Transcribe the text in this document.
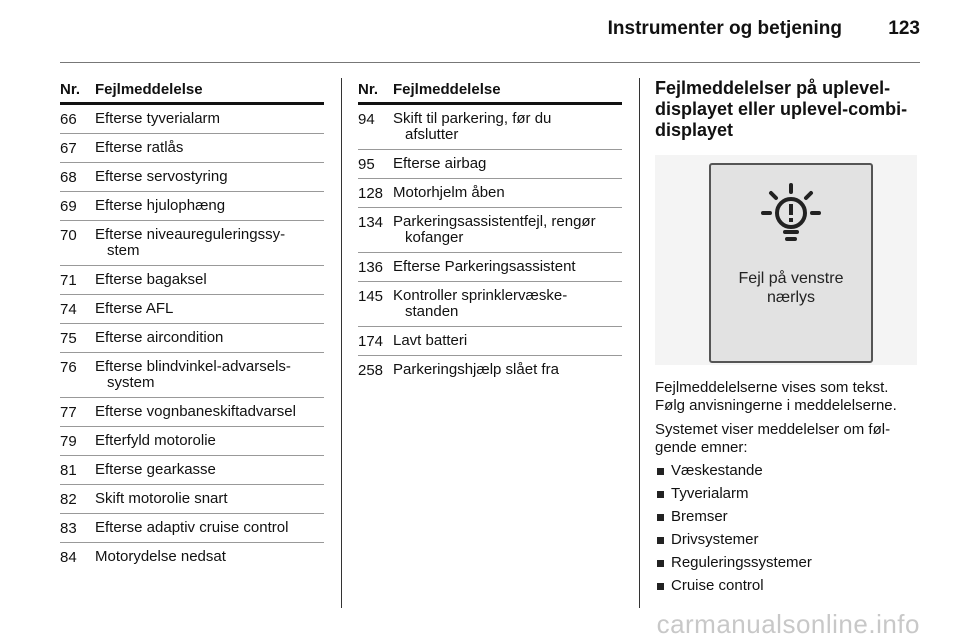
Instrumenter og betjening 123
Nr. Fejlmeddelelse
66 Efterse tyverialarm
67 Efterse ratlås
68 Efterse servostyring
69 Efterse hjulophæng
70 Efterse niveaureguleringssy-
stem
71 Efterse bagaksel
74 Efterse AFL
75 Efterse aircondition
76 Efterse blindvinkel-advarsels-
system
77 Efterse vognbaneskiftadvarsel
79 Efterfyld motorolie
81 Efterse gearkasse
82 Skift motorolie snart
83 Efterse adaptiv cruise control
84 Motorydelse nedsat
Nr. Fejlmeddelelse
94 Skift til parkering, før du
afslutter
95 Efterse airbag
128 Motorhjelm åben
134 Parkeringsassistentfejl, rengør
kofanger
136 Efterse Parkeringsassistent
145 Kontroller sprinklervæske-
standen
174 Lavt batteri
258 Parkeringshjælp slået fra
Fejlmeddelelser på uplevel-displayet eller uplevel-combi-displayet
Fejl på venstre
nærlys

Fejlmeddelelserne vises som tekst. Følg anvisningerne i meddelelserne.

Systemet viser meddelelser om føl-gende emner:

Væskestande
Tyverialarm
Bremser
Drivsystemer
Reguleringssystemer
Cruise control
carmanualsonline.info
